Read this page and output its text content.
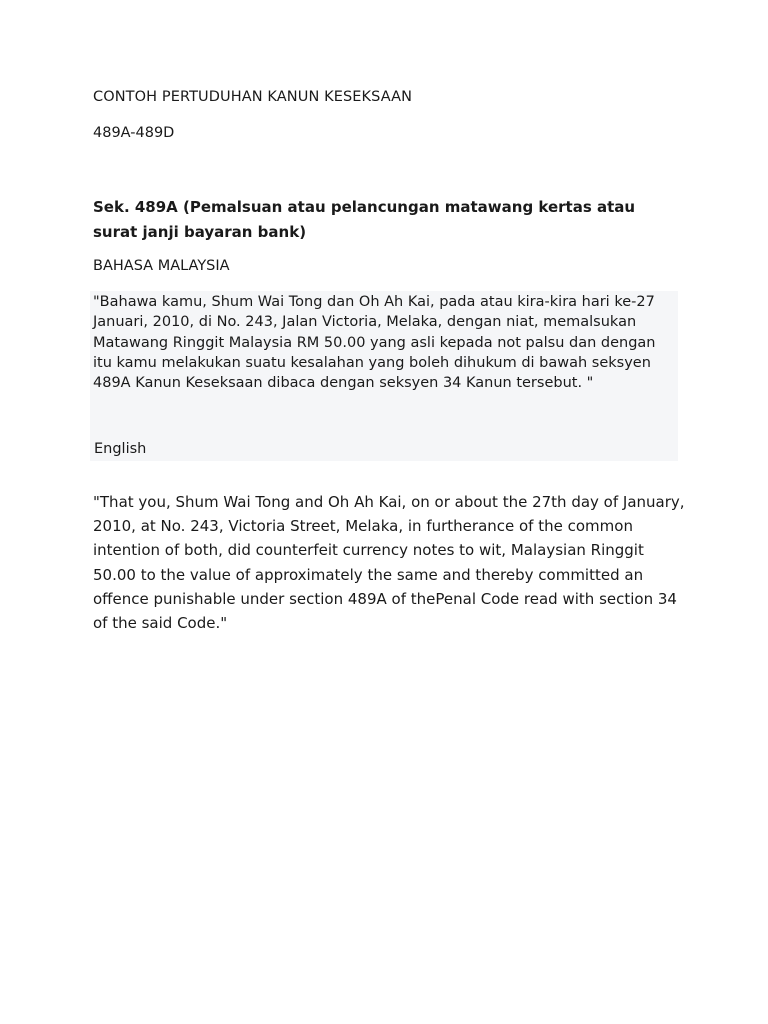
CONTOH PERTUDUHAN KANUN KESEKSAAN
489A-489D
Sek. 489A (Pemalsuan atau pelancungan matawang kertas atau surat janji bayaran bank)
BAHASA MALAYSIA
"Bahawa kamu, Shum Wai Tong dan Oh Ah Kai, pada atau kira-kira hari ke-27
Januari, 2010, di No. 243, Jalan Victoria, Melaka, dengan niat, memalsukan
Matawang Ringgit Malaysia RM 50.00 yang asli kepada not palsu dan dengan
itu kamu melakukan suatu kesalahan yang boleh dihukum di bawah seksyen
489A Kanun Keseksaan dibaca dengan seksyen 34 Kanun tersebut. "
English
"That you, Shum Wai Tong and Oh Ah Kai, on or about the 27th day of January,
2010, at No. 243, Victoria Street, Melaka, in furtherance of the common
intention of both, did counterfeit currency notes to wit, Malaysian Ringgit
50.00 to the value of approximately the same and thereby committed an
offence punishable under section 489A of thePenal Code read with section 34
of the said Code."
